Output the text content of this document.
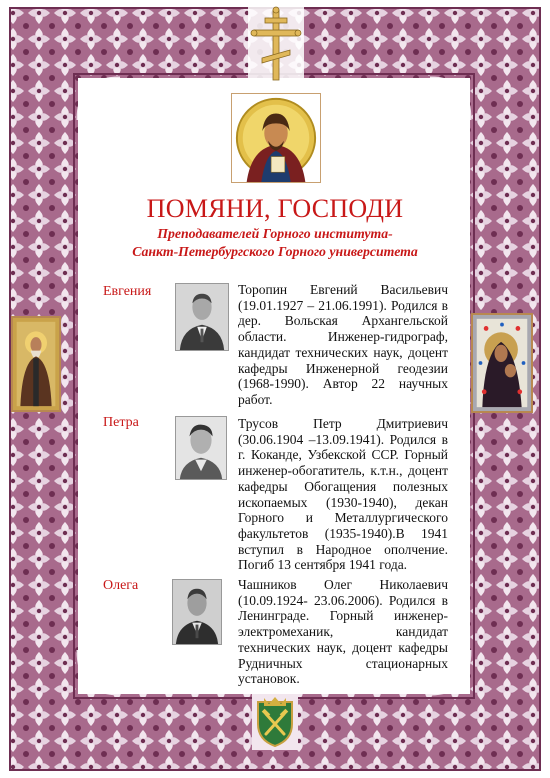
ПОМЯНИ, ГОСПОДИ
Преподавателей Горного института-
Санкт-Петербургского Горного университета
Евгения	Торопин Евгений Васильевич (19.01.1927 – 21.06.1991). Родился в дер. Вольская Архангельской области. Инженер-гидрограф, кандидат технических наук, доцент кафедры Инженерной геодезии (1968-1990). Автор 22 научных работ.
Петра	Трусов Петр Дмитриевич (30.06.1904 –13.09.1941). Родился в г. Коканде, Узбекской ССР. Горный инженер-обогатитель, к.т.н., доцент кафедры Обогащения полезных ископаемых (1930-1940), декан Горного и Металлургического факультетов (1935-1940).В 1941 вступил в Народное ополчение. Погиб 13 сентября 1941 года.
Олега	Чашников Олег Николаевич (10.09.1924- 23.06.2006). Родился в Ленинграде. Горный инженер-электромеханик, кандидат технических наук, доцент кафедры Рудничных стационарных установок.
